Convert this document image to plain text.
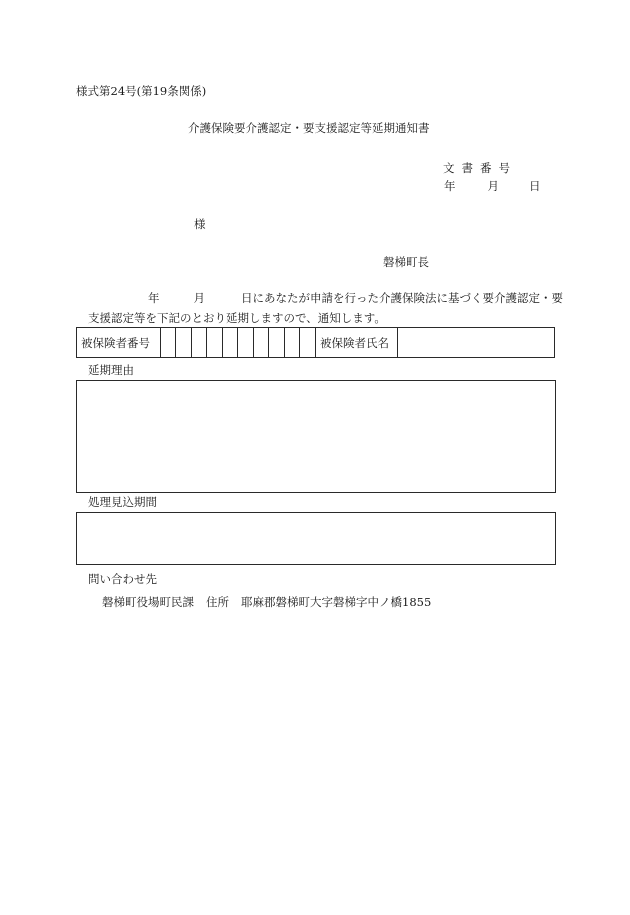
様式第24号(第19条関係)
介護保険要介護認定・要支援認定等延期通知書
文書番号
年	月	日
様
磐梯町長
年	月	日にあなたが申請を行った介護保険法に基づく要介護認定・要
支援認定等を下記のとおり延期しますので、通知します。
被保険者番号											被保険者氏名	
延期理由
処理見込期間
問い合わせ先
磐梯町役場町民課 住所 耶麻郡磐梯町大字磐梯字中ノ橋1855
